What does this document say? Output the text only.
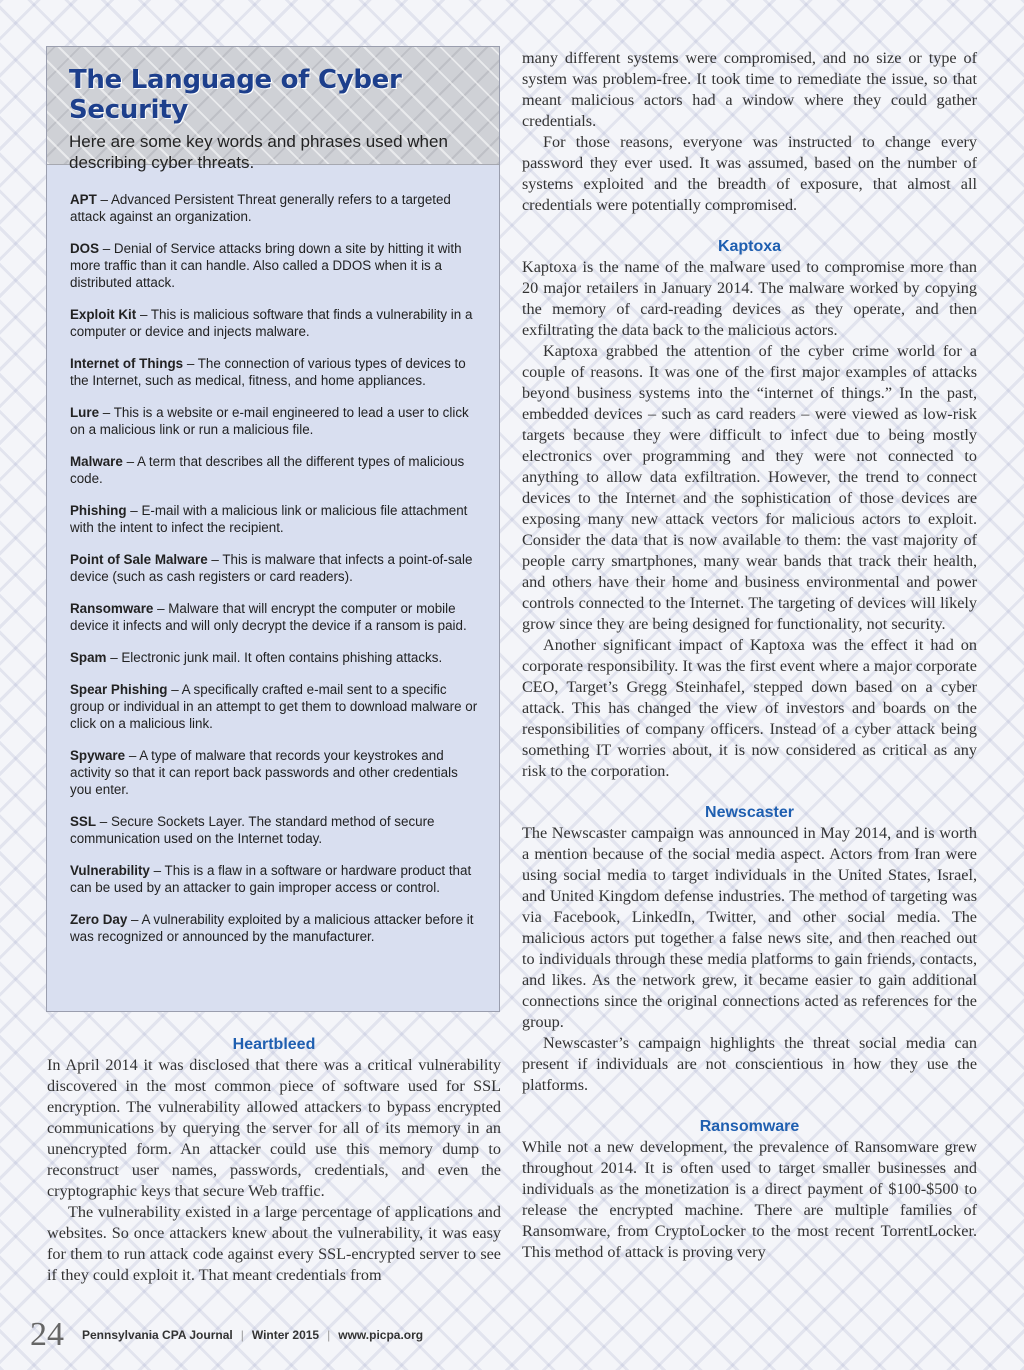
The Language of Cyber Security

Here are some key words and phrases used when describing cyber threats.

APT – Advanced Persistent Threat generally refers to a targeted attack against an organization.

DOS – Denial of Service attacks bring down a site by hitting it with more traffic than it can handle. Also called a DDOS when it is a distributed attack.

Exploit Kit – This is malicious software that finds a vulnerability in a computer or device and injects malware.

Internet of Things – The connection of various types of devices to the Internet, such as medical, fitness, and home appliances.

Lure – This is a website or e-mail engineered to lead a user to click on a malicious link or run a malicious file.

Malware – A term that describes all the different types of malicious code.

Phishing – E-mail with a malicious link or malicious file attachment with the intent to infect the recipient.

Point of Sale Malware – This is malware that infects a point-of-sale device (such as cash registers or card readers).

Ransomware – Malware that will encrypt the computer or mobile device it infects and will only decrypt the device if a ransom is paid.

Spam – Electronic junk mail. It often contains phishing attacks.

Spear Phishing – A specifically crafted e-mail sent to a specific group or individual in an attempt to get them to download malware or click on a malicious link.

Spyware – A type of malware that records your keystrokes and activity so that it can report back passwords and other credentials you enter.

SSL – Secure Sockets Layer. The standard method of secure communication used on the Internet today.

Vulnerability – This is a flaw in a software or hardware product that can be used by an attacker to gain improper access or control.

Zero Day – A vulnerability exploited by a malicious attacker before it was recognized or announced by the manufacturer.

Heartbleed

In April 2014 it was disclosed that there was a critical vulnerability discovered in the most common piece of software used for SSL encryption. The vulnerability allowed attackers to bypass encrypted communications by querying the server for all of its memory in an unencrypted form. An attacker could use this memory dump to reconstruct user names, passwords, credentials, and even the cryptographic keys that secure Web traffic.

The vulnerability existed in a large percentage of applications and websites. So once attackers knew about the vulnerability, it was easy for them to run attack code against every SSL-encrypted server to see if they could exploit it. That meant credentials from

many different systems were compromised, and no size or type of system was problem-free. It took time to remediate the issue, so that meant malicious actors had a window where they could gather credentials.

For those reasons, everyone was instructed to change every password they ever used. It was assumed, based on the number of systems exploited and the breadth of exposure, that almost all credentials were potentially compromised.

Kaptoxa

Kaptoxa is the name of the malware used to compromise more than 20 major retailers in January 2014. The malware worked by copying the memory of card-reading devices as they operate, and then exfiltrating the data back to the malicious actors.

Kaptoxa grabbed the attention of the cyber crime world for a couple of reasons. It was one of the first major examples of attacks beyond business systems into the “internet of things.” In the past, embedded devices – such as card readers – were viewed as low-risk targets because they were difficult to infect due to being mostly electronics over programming and they were not connected to anything to allow data exfiltration. However, the trend to connect devices to the Internet and the sophistication of those devices are exposing many new attack vectors for malicious actors to exploit. Consider the data that is now available to them: the vast majority of people carry smartphones, many wear bands that track their health, and others have their home and business environmental and power controls connected to the Internet. The targeting of devices will likely grow since they are being designed for functionality, not security.

Another significant impact of Kaptoxa was the effect it had on corporate responsibility. It was the first event where a major corporate CEO, Target’s Gregg Steinhafel, stepped down based on a cyber attack. This has changed the view of investors and boards on the responsibilities of company officers. Instead of a cyber attack being something IT worries about, it is now considered as critical as any risk to the corporation.

Newscaster

The Newscaster campaign was announced in May 2014, and is worth a mention because of the social media aspect. Actors from Iran were using social media to target individuals in the United States, Israel, and United Kingdom defense industries. The method of targeting was via Facebook, LinkedIn, Twitter, and other social media. The malicious actors put together a false news site, and then reached out to individuals through these media platforms to gain friends, contacts, and likes. As the network grew, it became easier to gain additional connections since the original connections acted as references for the group.

Newscaster’s campaign highlights the threat social media can present if individuals are not conscientious in how they use the platforms.

Ransomware

While not a new development, the prevalence of Ransomware grew throughout 2014. It is often used to target smaller businesses and individuals as the monetization is a direct payment of $100-$500 to release the encrypted machine. There are multiple families of Ransomware, from CryptoLocker to the most recent TorrentLocker. This method of attack is proving very

24 Pennsylvania CPA Journal | Winter 2015 | www.picpa.org
